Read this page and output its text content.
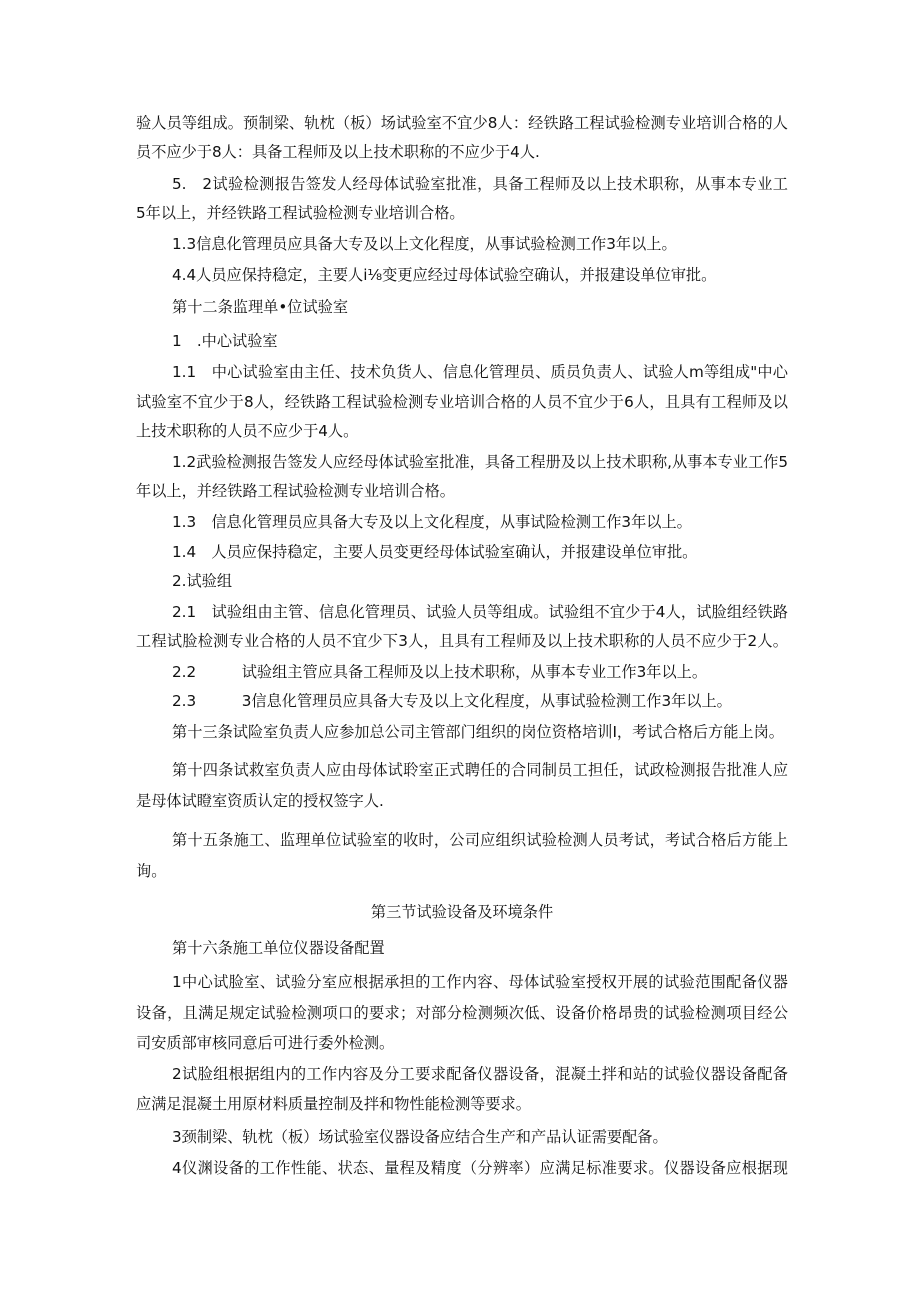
验人员等组成。预制梁、轨枕（板）场试验室不宜少8人：经铁路工程试验检测专业培训合格的人
员不应少于8人：具备工程师及以上技术职称的不应少于4人.
5.　2试验检测报告签发人经母体试验室批准，具备工程师及以上技术职称，从事本专业工
5年以上，并经铁路工程试验检测专业培训合格。
1.3信息化管理员应具备大专及以上文化程度，从事试验检测工作3年以上。
4.4人员应保持稳定，主要人i⅛变更应经过母体试验空确认，并报建设单位审批。
第十二条监理单•位试验室
1　.中心试验室
1.1　中心试验室由主任、技术负货人、信息化管理员、质员负责人、试验人m等组成"中心
试验室不宜少于8人，经铁路工程试验检测专业培训合格的人员不宜少于6人，且具有工程师及以
上技术职称的人员不应少于4人。
1.2武验检测报告签发人应经母体试验室批准，具备工程册及以上技术职称,从事本专业工作5
年以上，并经铁路工程试验检测专业培训合格。
1.3　信息化管理员应具备大专及以上文化程度，从事试险检测工作3年以上。
1.4　人员应保持稳定，主要人员变更经母体试验室确认，并报建设单位审批。
2.试验组
2.1　试验组由主管、信息化管理员、试验人员等组成。试验组不宜少于4人，试脸组经铁路
工程试脸检测专业合格的人员不宜少下3人，且具有工程师及以上技术职称的人员不应少于2人。
2.2　　　试验组主管应具备工程师及以上技术职称，从事本专业工作3年以上。
2.3　　　3信息化管理员应具备大专及以上文化程度，从事试验检测工作3年以上。
第十三条试险室负责人应参加总公司主管部门组织的岗位资格培训Ⅰ，考试合格后方能上岗。
第十四条试救室负责人应由母体试聆室正式聘任的合同制员工担任，试政检测报告批准人应
是母体试瞪室资质认定的授权签字人.
第十五条施工、监理单位试验室的收时，公司应组织试验检测人员考试，考试合格后方能上
询。
第三节试验设备及环境条件
第十六条施工单位仪器设备配置
1中心试脸室、试验分室应根据承担的工作内容、母体试验室授权开展的试验范围配备仪器
设备，且满足规定试验检测项口的要求；对部分检测频次低、设备价格昂贵的试验检测项目经公
司安质部审核同意后可进行委外检测。
2试脸组根据组内的工作内容及分工要求配备仪器设备，混凝土拌和站的试验仪器设备配备
应满足混凝土用原材料质量控制及拌和物性能检测等要求。
3颈制梁、轨枕（板）场试验室仪器设备应结合生产和产品认证需要配备。
4仪渊设备的工作性能、状态、量程及精度（分辨率）应满足标准要求。仪器设备应根据现
